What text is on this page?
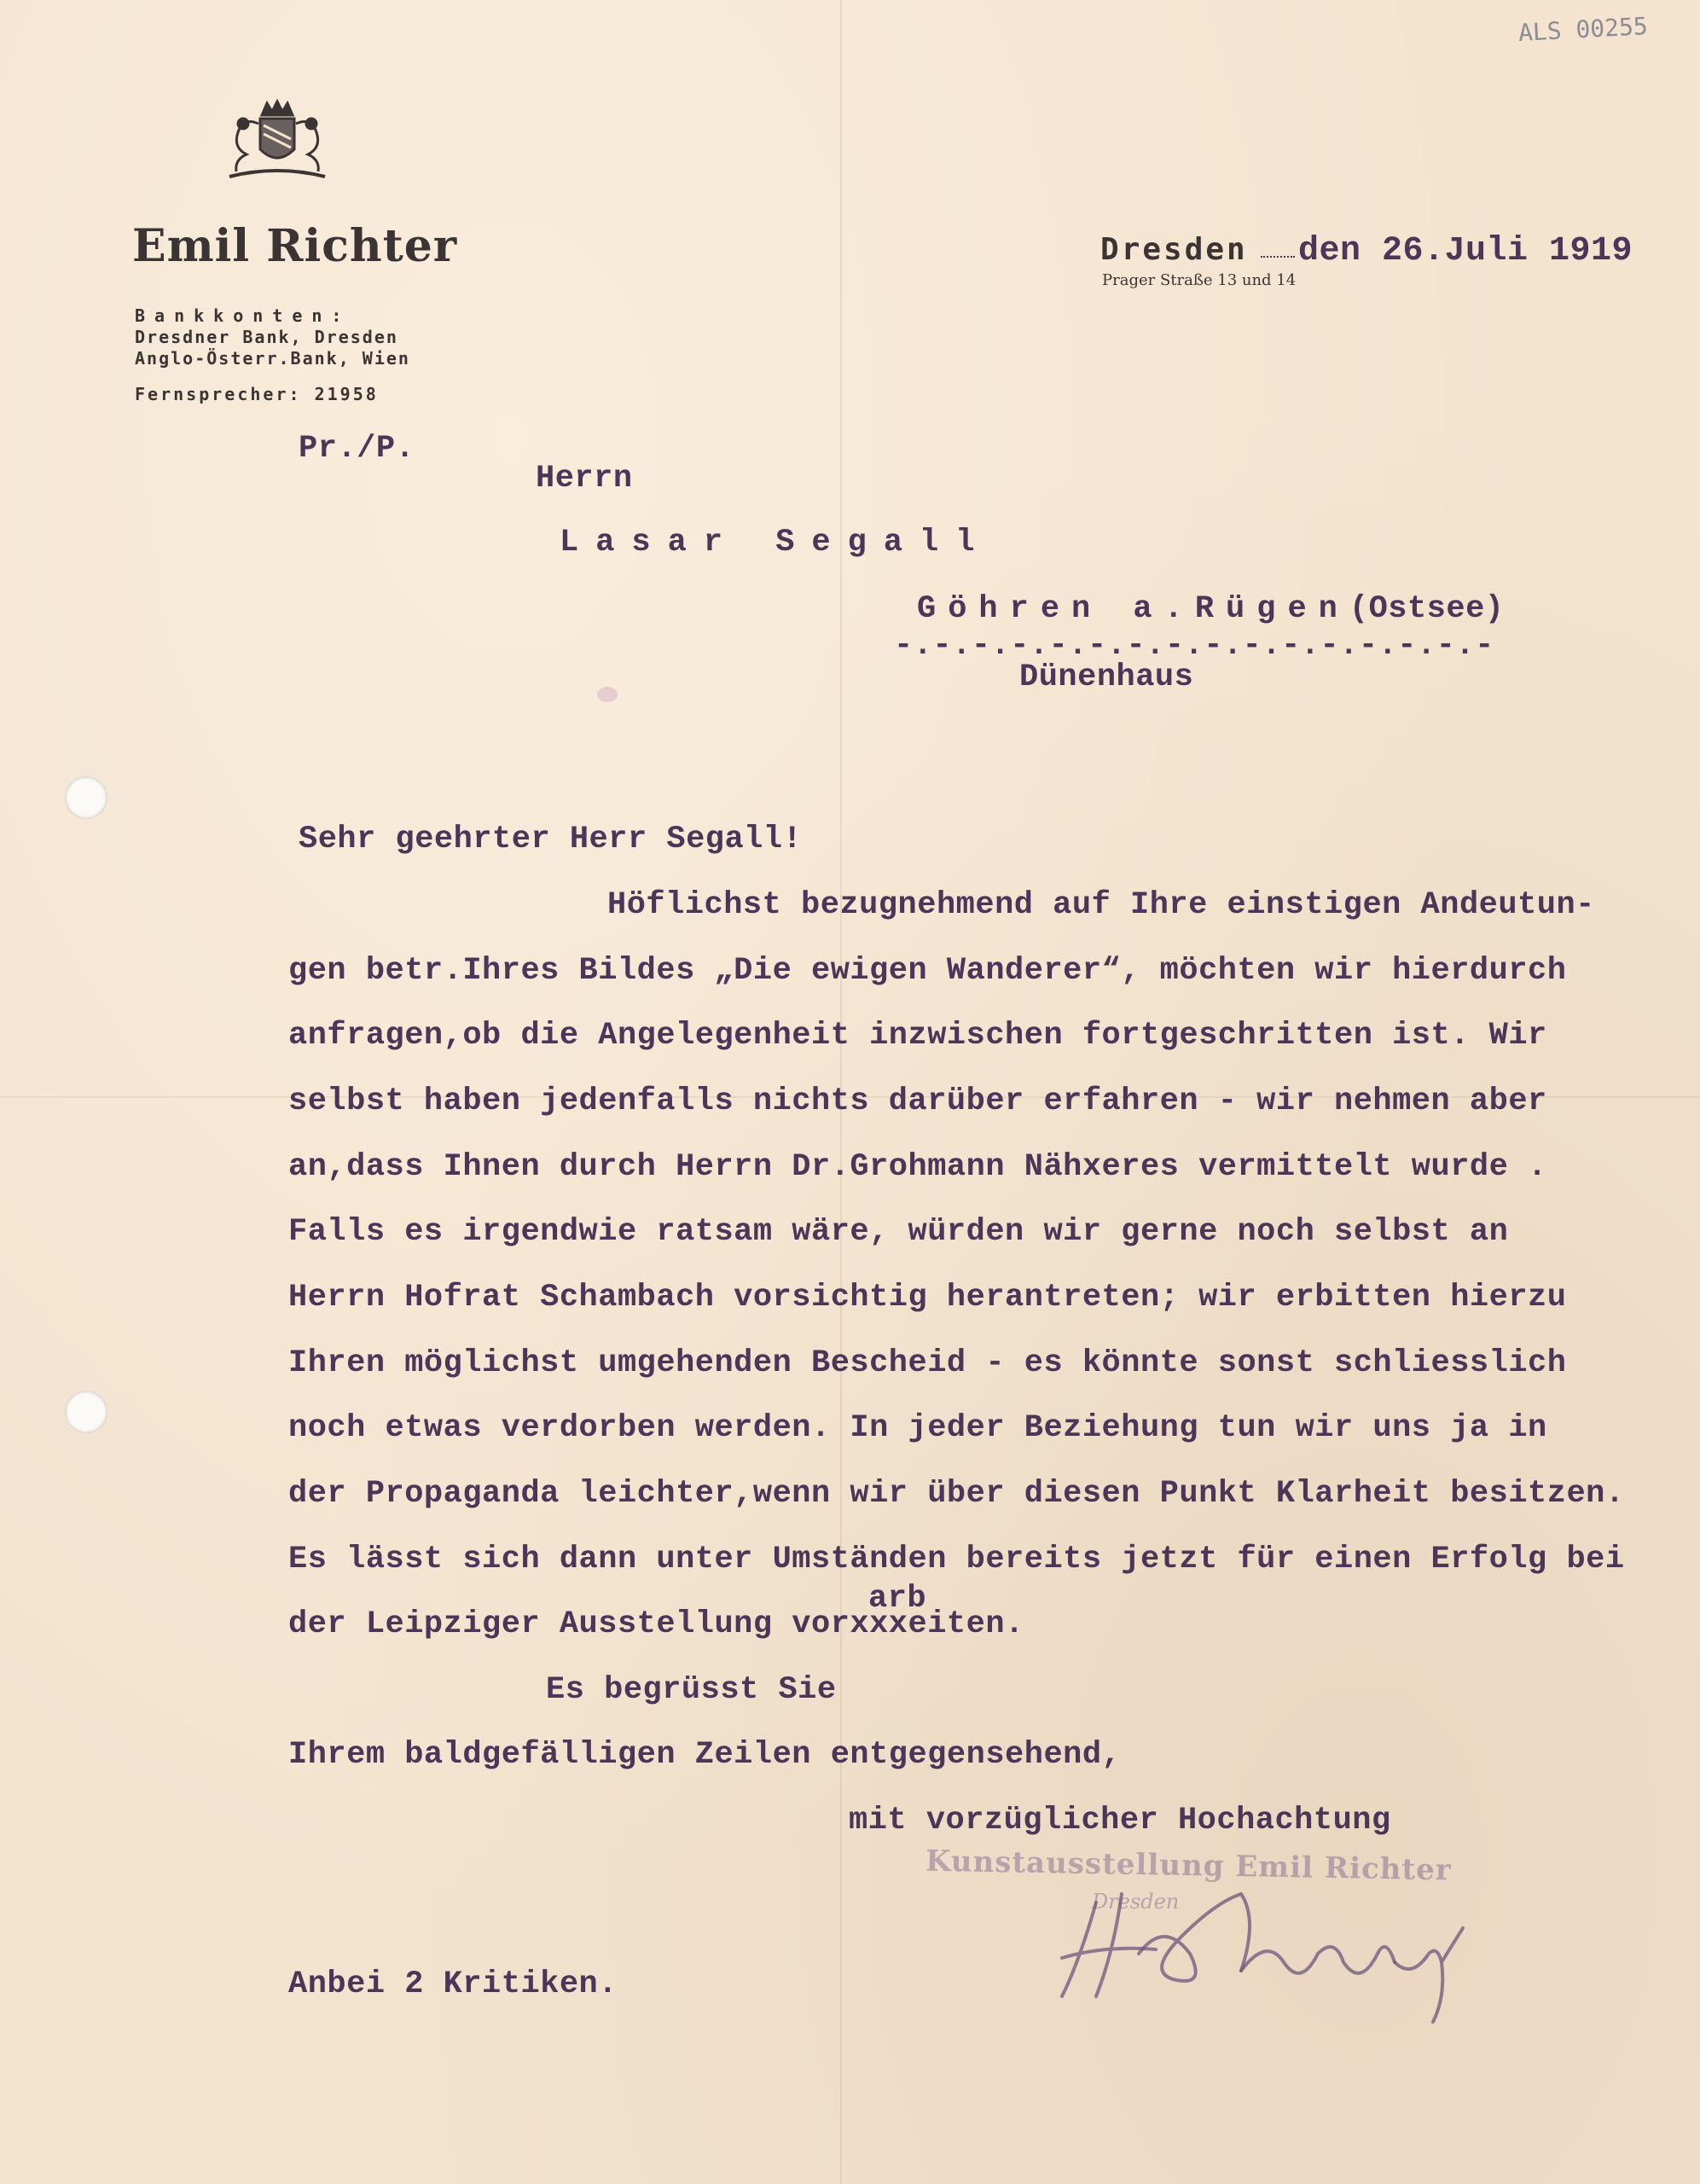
ALS 00255
Emil Richter
Bankkonten:
Dresdner Bank, Dresden
Anglo-Österr.Bank, Wien
Fernsprecher: 21958
Dresden den 26.Juli 1919
Prager Straße 13 und 14
Pr./P.
Herrn
Lasar Segall
Göhren a.Rügen(Ostsee)
-.-.-.-.-.-.-.-.-.-.-.-.-.-.-.-
Dünenhaus
Sehr geehrter Herr Segall!
Höflichst bezugnehmend auf Ihre einstigen Andeutun-
gen betr.Ihres Bildes „Die ewigen Wanderer“, möchten wir hierdurch
anfragen,ob die Angelegenheit inzwischen fortgeschritten ist. Wir
selbst haben jedenfalls nichts darüber erfahren - wir nehmen aber
an,dass Ihnen durch Herrn Dr.Grohmann Nähxeres vermittelt wurde .
Falls es irgendwie ratsam wäre, würden wir gerne noch selbst an
Herrn Hofrat Schambach vorsichtig herantreten; wir erbitten hierzu
Ihren möglichst umgehenden Bescheid - es könnte sonst schliesslich
noch etwas verdorben werden. In jeder Beziehung tun wir uns ja in
der Propaganda leichter,wenn wir über diesen Punkt Klarheit besitzen.
Es lässt sich dann unter Umständen bereits jetzt für einen Erfolg bei
arb
der Leipziger Ausstellung vorxxxeiten.
Es begrüsst Sie
Ihrem baldgefälligen Zeilen entgegensehend,
mit vorzüglicher Hochachtung
Kunstausstellung Emil Richter
Dresden
Anbei 2 Kritiken.
